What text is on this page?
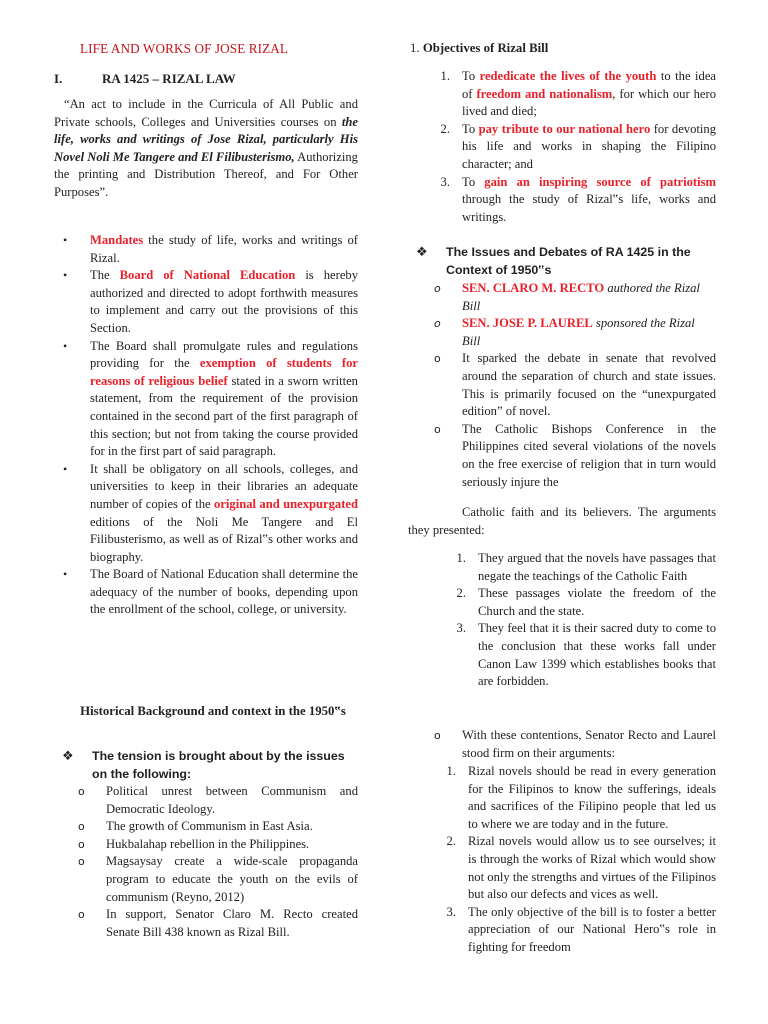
LIFE AND WORKS OF JOSE RIZAL
I.	RA 1425 – RIZAL LAW
“An act to include in the Curricula of All Public and Private schools, Colleges and Universities courses on the life, works and writings of Jose Rizal, particularly His Novel Noli Me Tangere and El Filibusterismo, Authorizing the printing and Distribution Thereof, and For Other Purposes”.
• Mandates the study of life, works and writings of Rizal.
• The Board of National Education is hereby authorized and directed to adopt forthwith measures to implement and carry out the provisions of this Section.
• The Board shall promulgate rules and regulations providing for the exemption of students for reasons of religious belief stated in a sworn written statement, from the requirement of the provision contained in the second part of the first paragraph of this section; but not from taking the course provided for in the first part of said paragraph.
• It shall be obligatory on all schools, colleges, and universities to keep in their libraries an adequate number of copies of the original and unexpurgated editions of the Noli Me Tangere and El Filibusterismo, as well as of Rizal‟s other works and biography.
• The Board of National Education shall determine the adequacy of the number of books, depending upon the enrollment of the school, college, or university.
Historical Background and context in the 1950‟s
❖ The tension is brought about by the issues on the following:
o Political unrest between Communism and Democratic Ideology.
o The growth of Communism in East Asia.
o Hukbalahap rebellion in the Philippines.
o Magsaysay create a wide-scale propaganda program to educate the youth on the evils of communism (Reyno, 2012)
o In support, Senator Claro M. Recto created Senate Bill 438 known as Rizal Bill.
1. Objectives of Rizal Bill
1. To rededicate the lives of the youth to the idea of freedom and nationalism, for which our hero lived and died;
2. To pay tribute to our national hero for devoting his life and works in shaping the Filipino character; and
3. To gain an inspiring source of patriotism through the study of Rizal‟s life, works and writings.
❖ The Issues and Debates of RA 1425 in the Context of 1950‟s
o SEN. CLARO M. RECTO authored the Rizal Bill
o SEN. JOSE P. LAUREL sponsored the Rizal Bill
o It sparked the debate in senate that revolved around the separation of church and state issues. This is primarily focused on the “unexpurgated edition” of novel.
o The Catholic Bishops Conference in the Philippines cited several violations of the novels on the free exercise of religion that in turn would seriously injure the
Catholic faith and its believers. The arguments they presented:
1. They argued that the novels have passages that negate the teachings of the Catholic Faith
2. These passages violate the freedom of the Church and the state.
3. They feel that it is their sacred duty to come to the conclusion that these works fall under Canon Law 1399 which establishes books that are forbidden.
o With these contentions, Senator Recto and Laurel stood firm on their arguments:
1. Rizal novels should be read in every generation for the Filipinos to know the sufferings, ideals and sacrifices of the Filipino people that led us to where we are today and in the future.
2. Rizal novels would allow us to see ourselves; it is through the works of Rizal which would show not only the strengths and virtues of the Filipinos but also our defects and vices as well.
3. The only objective of the bill is to foster a better appreciation of our National Hero‟s role in fighting for freedom
